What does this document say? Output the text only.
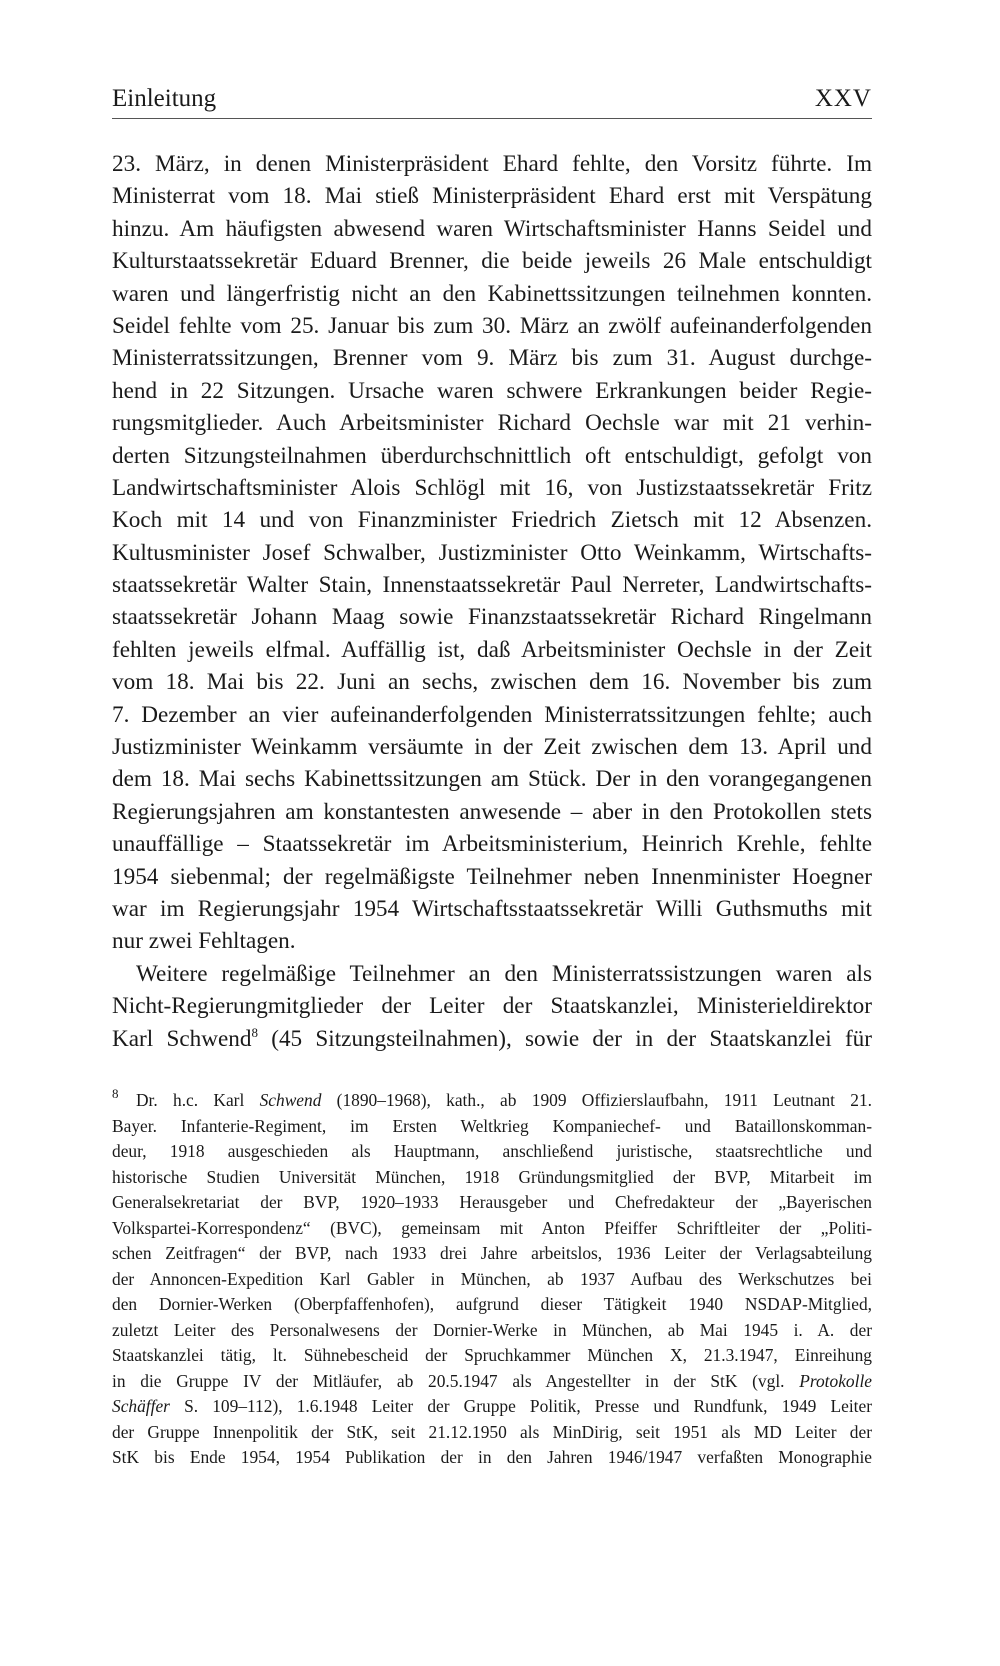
Einleitung	XXV
23. März, in denen Ministerpräsident Ehard fehlte, den Vorsitz führte. Im
Ministerrat vom 18. Mai stieß Ministerpräsident Ehard erst mit Verspätung
hinzu. Am häufigsten abwesend waren Wirtschaftsminister Hanns Seidel und
Kulturstaatssekretär Eduard Brenner, die beide jeweils 26 Male entschuldigt
waren und längerfristig nicht an den Kabinettssitzungen teilnehmen konnten.
Seidel fehlte vom 25. Januar bis zum 30. März an zwölf aufeinanderfolgenden
Ministerratssitzungen, Brenner vom 9. März bis zum 31. August durchge-
hend in 22 Sitzungen. Ursache waren schwere Erkrankungen beider Regie-
rungsmitglieder. Auch Arbeitsminister Richard Oechsle war mit 21 verhin-
derten Sitzungsteilnahmen überdurchschnittlich oft entschuldigt, gefolgt von
Landwirtschaftsminister Alois Schlögl mit 16, von Justizstaatssekretär Fritz
Koch mit 14 und von Finanzminister Friedrich Zietsch mit 12 Absenzen.
Kultusminister Josef Schwalber, Justizminister Otto Weinkamm, Wirtschafts-
staatssekretär Walter Stain, Innenstaatssekretär Paul Nerreter, Landwirtschafts-
staatssekretär Johann Maag sowie Finanzstaatssekretär Richard Ringelmann
fehlten jeweils elfmal. Auffällig ist, daß Arbeitsminister Oechsle in der Zeit
vom 18. Mai bis 22. Juni an sechs, zwischen dem 16. November bis zum
7. Dezember an vier aufeinanderfolgenden Ministerratssitzungen fehlte; auch
Justizminister Weinkamm versäumte in der Zeit zwischen dem 13. April und
dem 18. Mai sechs Kabinettssitzungen am Stück. Der in den vorangegangenen
Regierungsjahren am konstantesten anwesende – aber in den Protokollen stets
unauffällige – Staatssekretär im Arbeitsministerium, Heinrich Krehle, fehlte
1954 siebenmal; der regelmäßigste Teilnehmer neben Innenminister Hoegner
war im Regierungsjahr 1954 Wirtschaftsstaatssekretär Willi Guthsmuths mit
nur zwei Fehltagen.
Weitere regelmäßige Teilnehmer an den Ministerratssistzungen waren als
Nicht-Regierungmitglieder der Leiter der Staatskanzlei, Ministerieldirektor
Karl Schwend$^8$ (45 Sitzungsteilnahmen), sowie der in der Staatskanzlei für
8 Dr. h.c. Karl Schwend (1890–1968), kath., ab 1909 Offizierslaufbahn, 1911 Leutnant 21.
Bayer. Infanterie-Regiment, im Ersten Weltkrieg Kompaniechef- und Bataillonskomman-
deur, 1918 ausgeschieden als Hauptmann, anschließend juristische, staatsrechtliche und
historische Studien Universität München, 1918 Gründungsmitglied der BVP, Mitarbeit im
Generalsekretariat der BVP, 1920–1933 Herausgeber und Chefredakteur der „Bayerischen
Volkspartei-Korrespondenz“ (BVC), gemeinsam mit Anton Pfeiffer Schriftleiter der „Politi-
schen Zeitfragen“ der BVP, nach 1933 drei Jahre arbeitslos, 1936 Leiter der Verlagsabteilung
der Annoncen-Expedition Karl Gabler in München, ab 1937 Aufbau des Werkschutzes bei
den Dornier-Werken (Oberpfaffenhofen), aufgrund dieser Tätigkeit 1940 NSDAP-Mitglied,
zuletzt Leiter des Personalwesens der Dornier-Werke in München, ab Mai 1945 i. A. der
Staatskanzlei tätig, lt. Sühnebescheid der Spruchkammer München X, 21.3.1947, Einreihung
in die Gruppe IV der Mitläufer, ab 20.5.1947 als Angestellter in der StK (vgl. Protokolle
Schäffer S. 109–112), 1.6.1948 Leiter der Gruppe Politik, Presse und Rundfunk, 1949 Leiter
der Gruppe Innenpolitik der StK, seit 21.12.1950 als MinDirig, seit 1951 als MD Leiter der
StK bis Ende 1954, 1954 Publikation der in den Jahren 1946/1947 verfaßten Monographie
